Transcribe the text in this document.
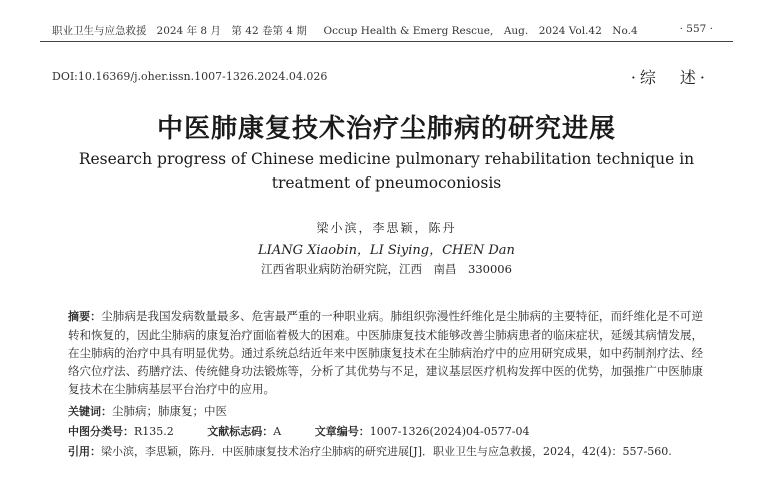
职业卫生与应急救援 2024 年 8 月　第 42 卷第 4 期 Occup Health & Emerg Rescue,　Aug.　2024 Vol.42　No.4	· 557 ·
DOI:10.16369/j.oher.issn.1007-1326.2024.04.026	·综　述·
中医肺康复技术治疗尘肺病的研究进展
Research progress of Chinese medicine pulmonary rehabilitation technique in treatment of pneumoconiosis
梁小滨，李思颖，陈丹
LIANG Xiaobin，LI Siying，CHEN Dan
江西省职业病防治研究院，江西　南昌　330006
摘要：尘肺病是我国发病数量最多、危害最严重的一种职业病。肺组织弥漫性纤维化是尘肺病的主要特征，而纤维化是不可逆转和恢复的，因此尘肺病的康复治疗面临着极大的困难。中医肺康复技术能够改善尘肺病患者的临床症状，延缓其病情发展，在尘肺病的治疗中具有明显优势。通过系统总结近年来中医肺康复技术在尘肺病治疗中的应用研究成果，如中药制剂疗法、经络穴位疗法、药膳疗法、传统健身功法锻炼等，分析了其优势与不足，建议基层医疗机构发挥中医的优势，加强推广中医肺康复技术在尘肺病基层平台治疗中的应用。
关键词：尘肺病；肺康复；中医
中图分类号：R135.2	文献标志码：A	文章编号：1007-1326(2024)04-0577-04
引用：梁小滨，李思颖，陈丹．中医肺康复技术治疗尘肺病的研究进展[J]．职业卫生与应急救援，2024，42(4)：557-560.
